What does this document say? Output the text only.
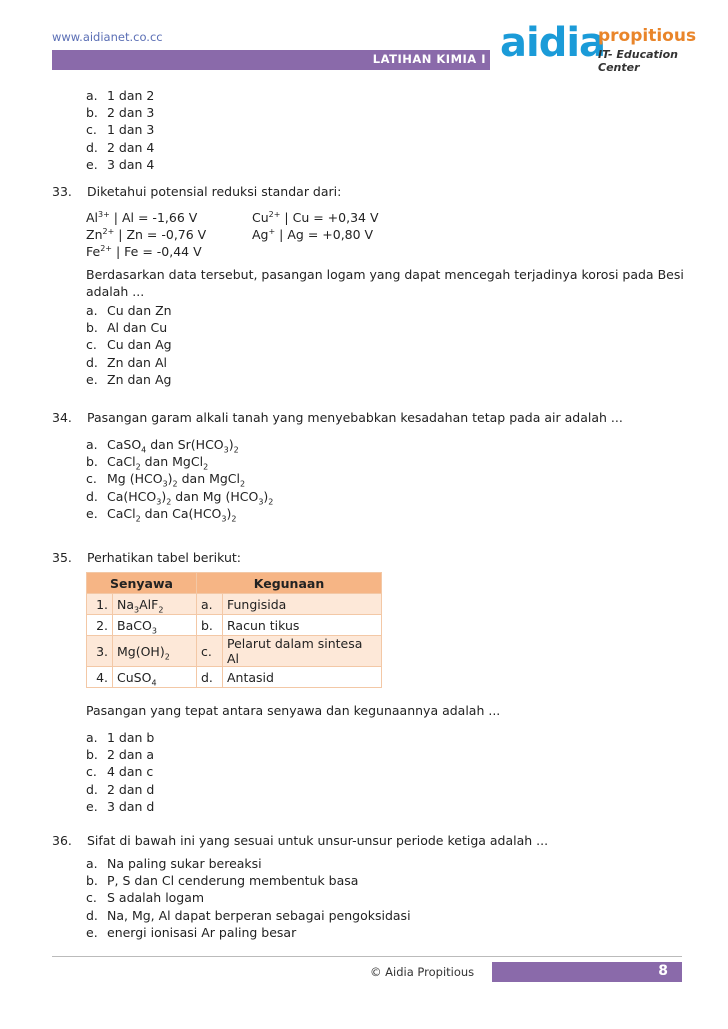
www.aidianet.co.cc
LATIHAN KIMIA I aidia
propitious
IT- Education Center
a. 1 dan 2
b. 2 dan 3
c. 1 dan 3
d. 2 dan 4
e. 3 dan 4
33. Diketahui potensial reduksi standar dari:
$Al^{3+}$ | Al = -1,66 V	$Cu^{2+}$ | Cu = +0,34 V
$Zn^{2+}$ | Zn = -0,76 V	Ag+ | Ag = +0,80 V
$Fe^{2+}$ | Fe = -0,44 V
Berdasarkan data tersebut, pasangan logam yang dapat mencegah terjadinya korosi pada Besi
adalah ...
a. Cu dan Zn
b. Al dan Cu
c. Cu dan Ag
d. Zn dan Al
e. Zn dan Ag
34. Pasangan garam alkali tanah yang menyebabkan kesadahan tetap pada air adalah ...
a. CaSO$_4$ dan $Sr(HCO_3)_2$
b. CaCl$_2$ dan MgCl$_2$
c. Mg $(HCO_3)_2$ dan MgCl$_2$
d. $Ca(HCO_3)_2$ dan Mg $(HCO_3)_2$
e. CaCl$_2$ dan $Ca(HCO_3)_2$
35. Perhatikan tabel berikut:
Senyawa		Kegunaan	
1.	$Na_3AlF_2$	a.	Fungisida
2.	BaCO$_3$	b.	Racun tikus
3.	$Mg(OH)_2$	c.	Pelarut dalam sintesa Al
4.	CuSO$_4$	d.	Antasid
Pasangan yang tepat antara senyawa dan kegunaannya adalah ...
a. 1 dan b
b. 2 dan a
c. 4 dan c
d. 2 dan d
e. 3 dan d
36. Sifat di bawah ini yang sesuai untuk unsur-unsur periode ketiga adalah ...
a. Na paling sukar bereaksi
b. P, S dan Cl cenderung membentuk basa
c. S adalah logam
d. Na, Mg, Al dapat berperan sebagai pengoksidasi
e. energi ionisasi Ar paling besar
© Aidia Propitious	8
